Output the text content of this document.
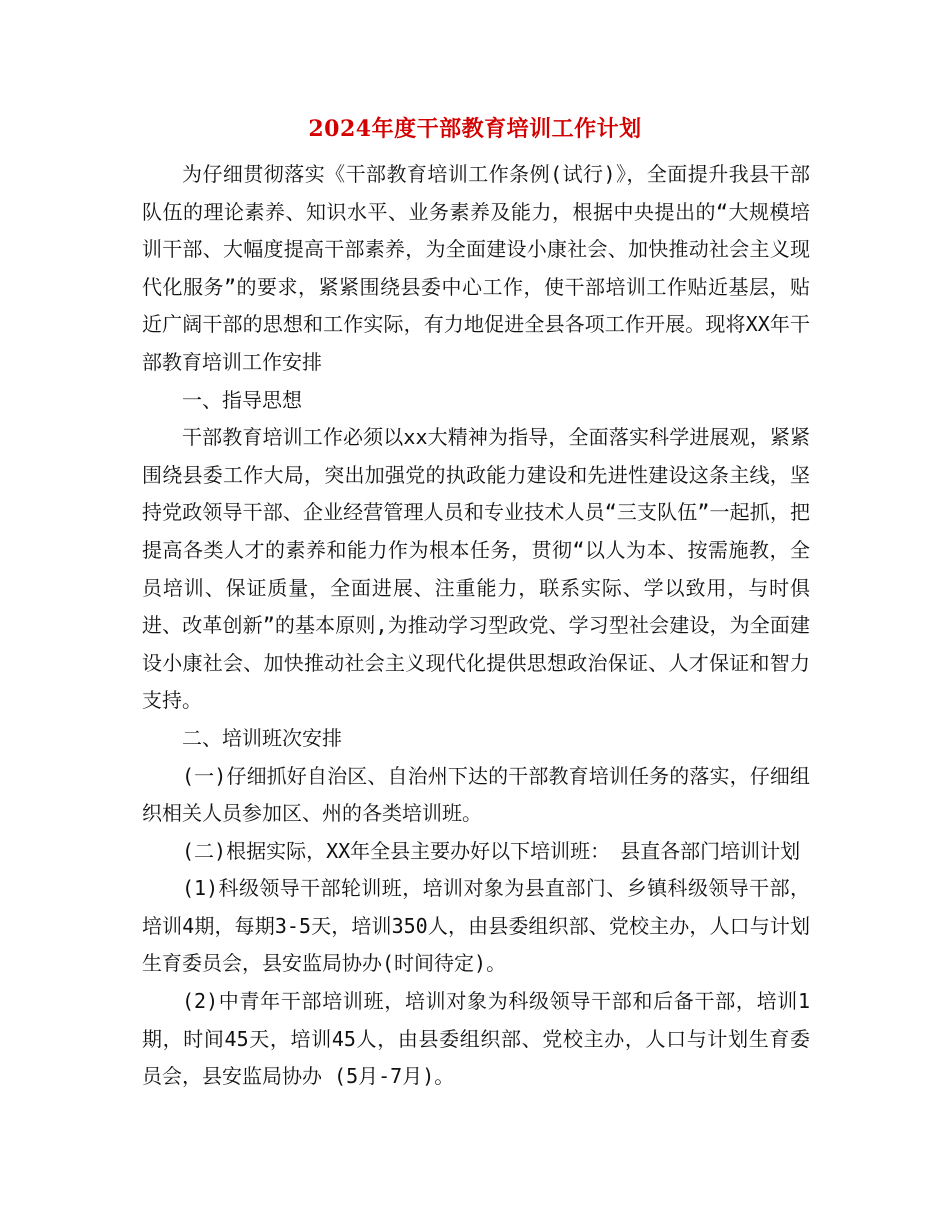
2024年度干部教育培训工作计划

为仔细贯彻落实《干部教育培训工作条例(试行)》，全面提升我县干部队伍的理论素养、知识水平、业务素养及能力，根据中央提出的“大规模培训干部、大幅度提高干部素养，为全面建设小康社会、加快推动社会主义现代化服务”的要求，紧紧围绕县委中心工作，使干部培训工作贴近基层，贴近广阔干部的思想和工作实际，有力地促进全县各项工作开展。现将XX年干部教育培训工作安排

一、指导思想

干部教育培训工作必须以xx大精神为指导，全面落实科学进展观，紧紧围绕县委工作大局，突出加强党的执政能力建设和先进性建设这条主线，坚持党政领导干部、企业经营管理人员和专业技术人员“三支队伍”一起抓，把提高各类人才的素养和能力作为根本任务，贯彻“以人为本、按需施教，全员培训、保证质量，全面进展、注重能力，联系实际、学以致用，与时俱进、改革创新”的基本原则,为推动学习型政党、学习型社会建设，为全面建设小康社会、加快推动社会主义现代化提供思想政治保证、人才保证和智力支持。

二、培训班次安排

(一)仔细抓好自治区、自治州下达的干部教育培训任务的落实，仔细组织相关人员参加区、州的各类培训班。

(二)根据实际，XX年全县主要办好以下培训班：　县直各部门培训计划

(1)科级领导干部轮训班，培训对象为县直部门、乡镇科级领导干部，培训4期，每期3-5天，培训350人，由县委组织部、党校主办，人口与计划生育委员会，县安监局协办(时间待定)。

(2)中青年干部培训班，培训对象为科级领导干部和后备干部，培训1期，时间45天，培训45人，由县委组织部、党校主办，人口与计划生育委员会，县安监局协办 (5月-7月)。
